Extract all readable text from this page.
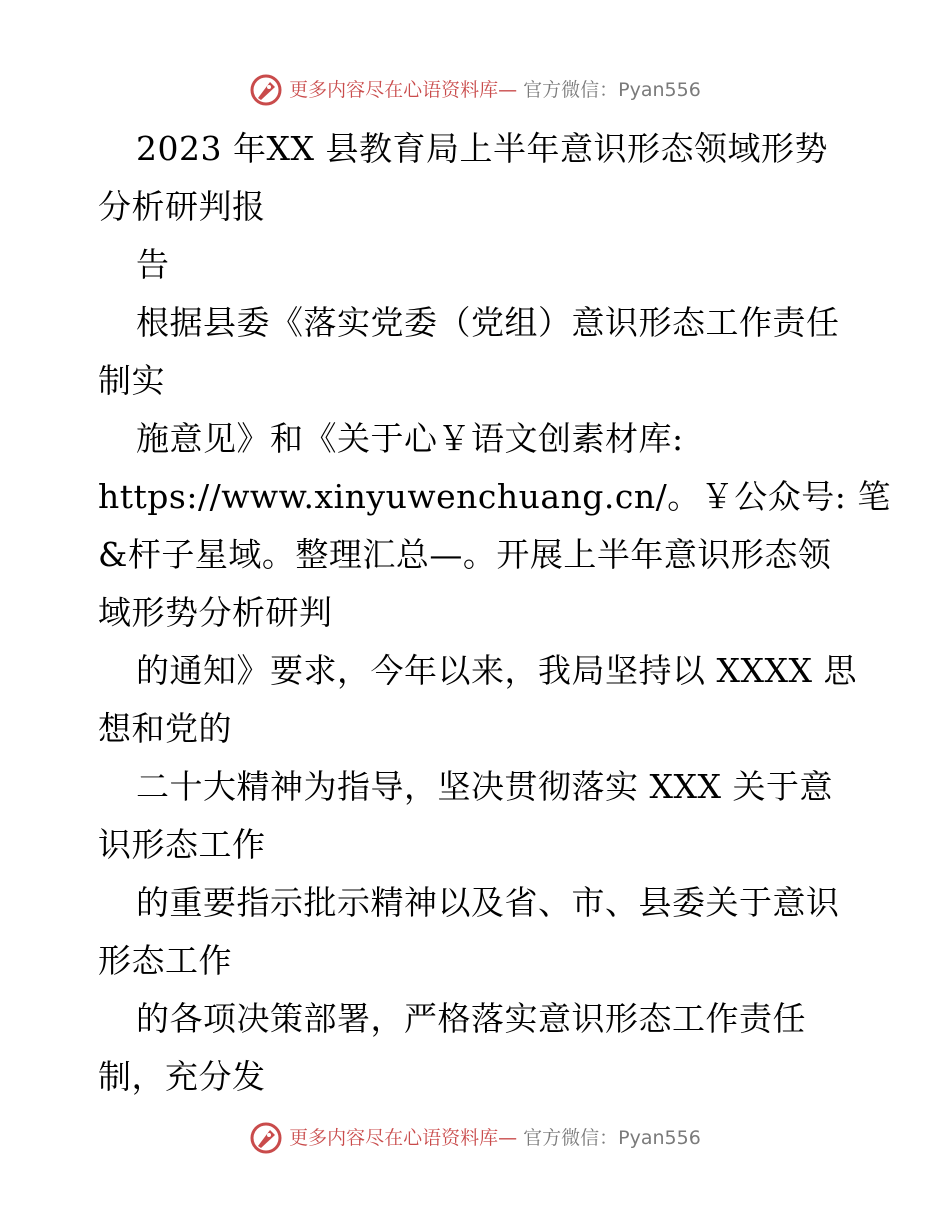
更多内容尽在心语资料库— 官方微信：Pyan556
2023 年XX 县教育局上半年意识形态领域形势
分析研判报
告
根据县委《落实党委（党组）意识形态工作责任
制实
施意见》和《关于心￥语文创素材库:
https://www.xinyuwenchuang.cn/。￥公众号: 笔
&杆子星域。整理汇总—。开展上半年意识形态领
域形势分析研判
的通知》要求，今年以来，我局坚持以 XXXX 思
想和党的
二十大精神为指导，坚决贯彻落实 XXX 关于意
识形态工作
的重要指示批示精神以及省、市、县委关于意识
形态工作
的各项决策部署，严格落实意识形态工作责任
制，充分发
更多内容尽在心语资料库— 官方微信：Pyan556
